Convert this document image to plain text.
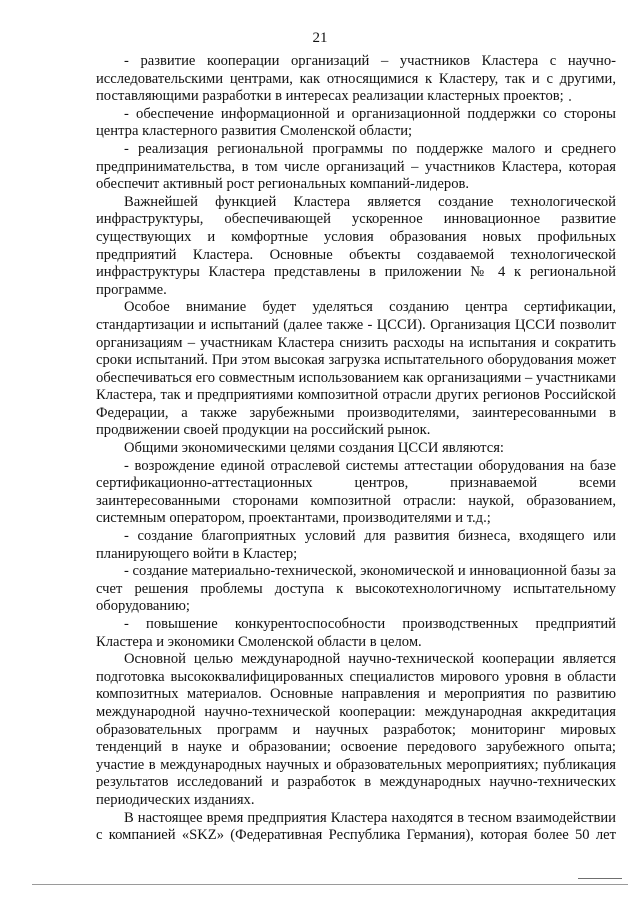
21

- развитие кооперации организаций – участников Кластера с научно-исследовательскими центрами, как относящимися к Кластеру, так и с другими, поставляющими разработки в интересах реализации кластерных проектов;

- обеспечение информационной и организационной поддержки со стороны центра кластерного развития Смоленской области;

- реализация региональной программы по поддержке малого и среднего предпринимательства, в том числе организаций – участников Кластера, которая обеспечит активный рост региональных компаний-лидеров.

Важнейшей функцией Кластера является создание технологической инфраструктуры, обеспечивающей ускоренное инновационное развитие существующих и комфортные условия образования новых профильных предприятий Кластера. Основные объекты создаваемой технологической инфраструктуры Кластера представлены в приложении № 4 к региональной программе.

Особое внимание будет уделяться созданию центра сертификации, стандартизации и испытаний (далее также - ЦССИ). Организация ЦССИ позволит организациям – участникам Кластера снизить расходы на испытания и сократить сроки испытаний. При этом высокая загрузка испытательного оборудования может обеспечиваться его совместным использованием как организациями – участниками Кластера, так и предприятиями композитной отрасли других регионов Российской Федерации, а также зарубежными производителями, заинтересованными в продвижении своей продукции на российский рынок.

Общими экономическими целями создания ЦССИ являются:

- возрождение единой отраслевой системы аттестации оборудования на базе сертификационно-аттестационных центров, признаваемой всеми заинтересованными сторонами композитной отрасли: наукой, образованием, системным оператором, проектантами, производителями и т.д.;

- создание благоприятных условий для развития бизнеса, входящего или планирующего войти в Кластер;

- создание материально-технической, экономической и инновационной базы за счет решения проблемы доступа к высокотехнологичному испытательному оборудованию;

- повышение конкурентоспособности производственных предприятий Кластера и экономики Смоленской области в целом.

Основной целью международной научно-технической кооперации является подготовка высококвалифицированных специалистов мирового уровня в области композитных материалов. Основные направления и мероприятия по развитию международной научно-технической кооперации: международная аккредитация образовательных программ и научных разработок; мониторинг мировых тенденций в науке и образовании; освоение передового зарубежного опыта; участие в международных научных и образовательных мероприятиях; публикация результатов исследований и разработок в международных научно-технических периодических изданиях.

В настоящее время предприятия Кластера находятся в тесном взаимодействии с компанией «SKZ» (Федеративная Республика Германия), которая более 50 лет
